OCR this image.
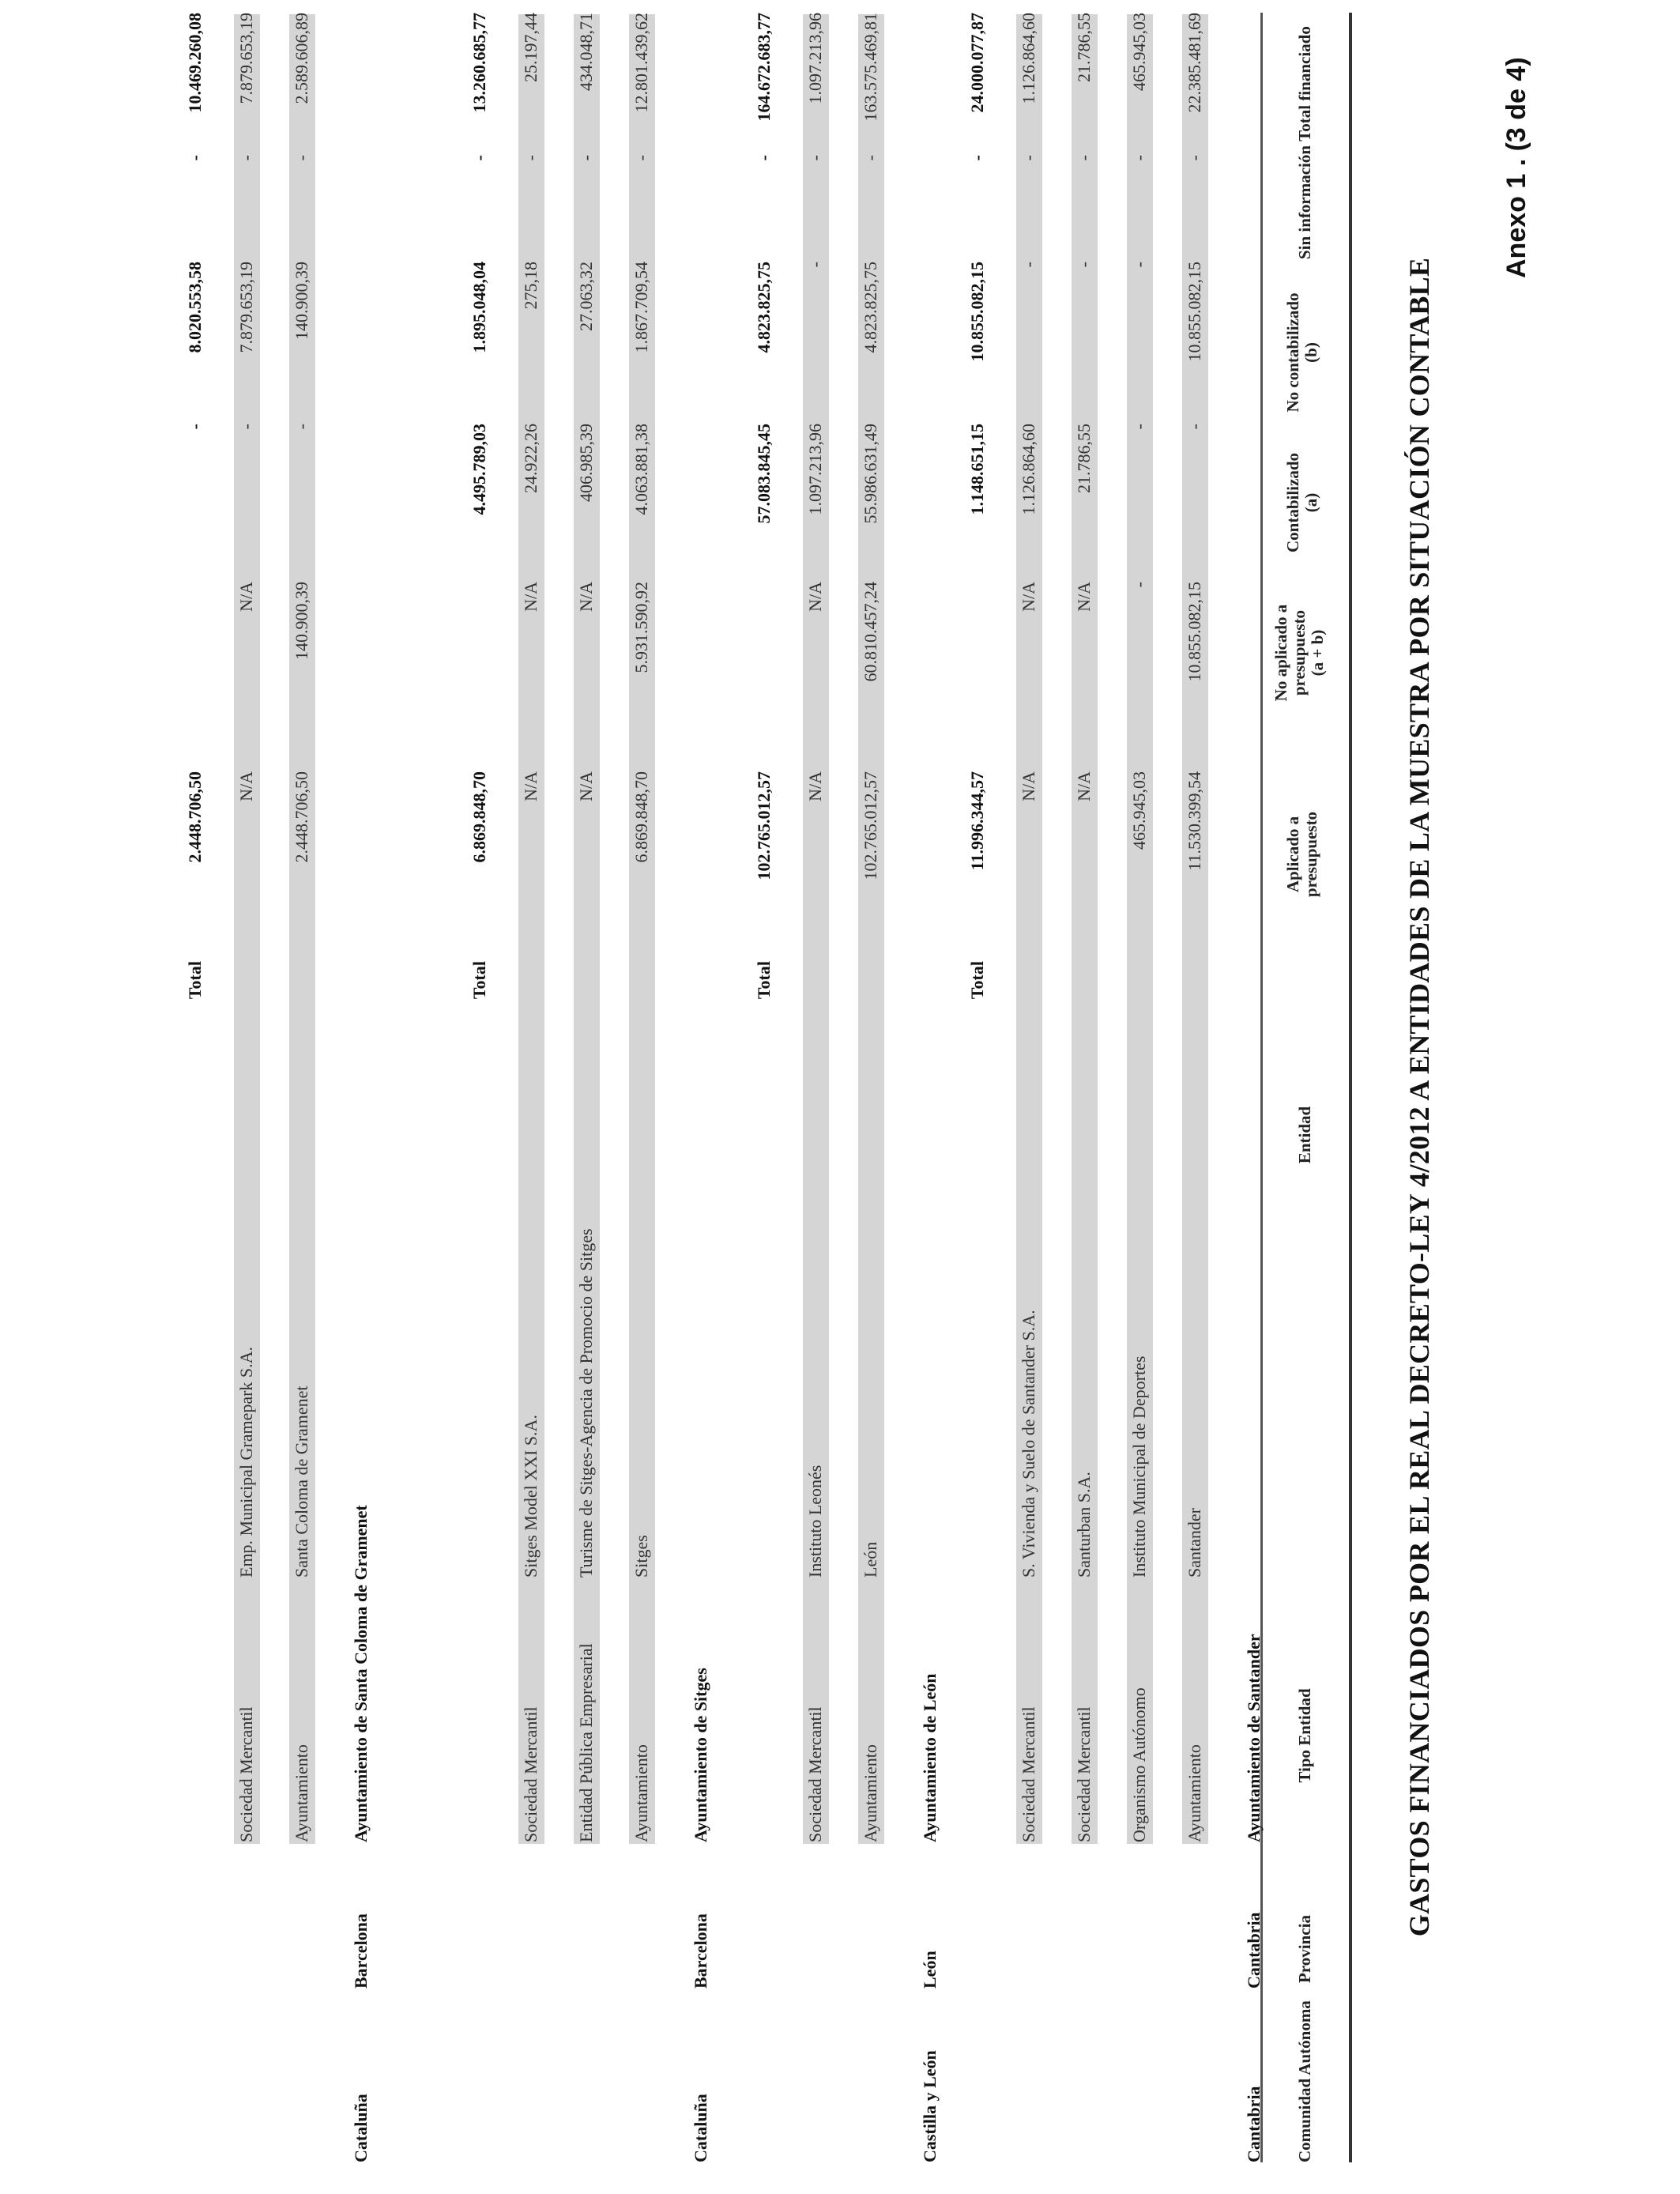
Anexo 1 . (3 de 4)
GASTOS FINANCIADOS POR EL REAL DECRETO-LEY 4/2012 A ENTIDADES DE LA MUESTRA POR SITUACIÓN CONTABLE
Comunidad Autónoma
Provincia
Tipo Entidad
Entidad
Aplicado a presupuesto
No aplicado a presupuesto (a + b)
Contabilizado (a)
No contabilizado (b)
Sin información
Total financiado
Cantabria
Cantabria
Ayuntamiento de Santander
Ayuntamiento
Santander
11.530.399,54
10.855.082,15
-
10.855.082,15
-
22.385.481,69
Organismo Autónomo
Instituto Municipal de Deportes
465.945,03
-
-
-
-
465.945,03
Sociedad Mercantil
Santurban S.A.
N/A
N/A
21.786,55
-
-
21.786,55
Sociedad Mercantil
S. Vivienda y Suelo de Santander S.A.
N/A
N/A
1.126.864,60
-
-
1.126.864,60
Total
11.996.344,57
1.148.651,15
10.855.082,15
-
24.000.077,87
Castilla y León
León
Ayuntamiento de León
Ayuntamiento
León
102.765.012,57
60.810.457,24
55.986.631,49
4.823.825,75
-
163.575.469,81
Sociedad Mercantil
Instituto Leonés
N/A
N/A
1.097.213,96
-
-
1.097.213,96
Total
102.765.012,57
57.083.845,45
4.823.825,75
-
164.672.683,77
Cataluña
Barcelona
Ayuntamiento de Sitges
Ayuntamiento
Sitges
6.869.848,70
5.931.590,92
4.063.881,38
1.867.709,54
-
12.801.439,62
Entidad Pública Empresarial
Turisme de Sitges-Agencia de Promocio de Sitges
N/A
N/A
406.985,39
27.063,32
-
434.048,71
Sociedad Mercantil
Sitges Model XXI S.A.
N/A
N/A
24.922,26
275,18
-
25.197,44
Total
6.869.848,70
4.495.789,03
1.895.048,04
-
13.260.685,77
Cataluña
Barcelona
Ayuntamiento de Santa Coloma de Gramenet
Ayuntamiento
Santa Coloma de Gramenet
2.448.706,50
140.900,39
-
140.900,39
-
2.589.606,89
Sociedad Mercantil
Emp. Municipal Gramepark S.A.
N/A
N/A
-
7.879.653,19
-
7.879.653,19
Total
2.448.706,50
-
8.020.553,58
-
10.469.260,08
